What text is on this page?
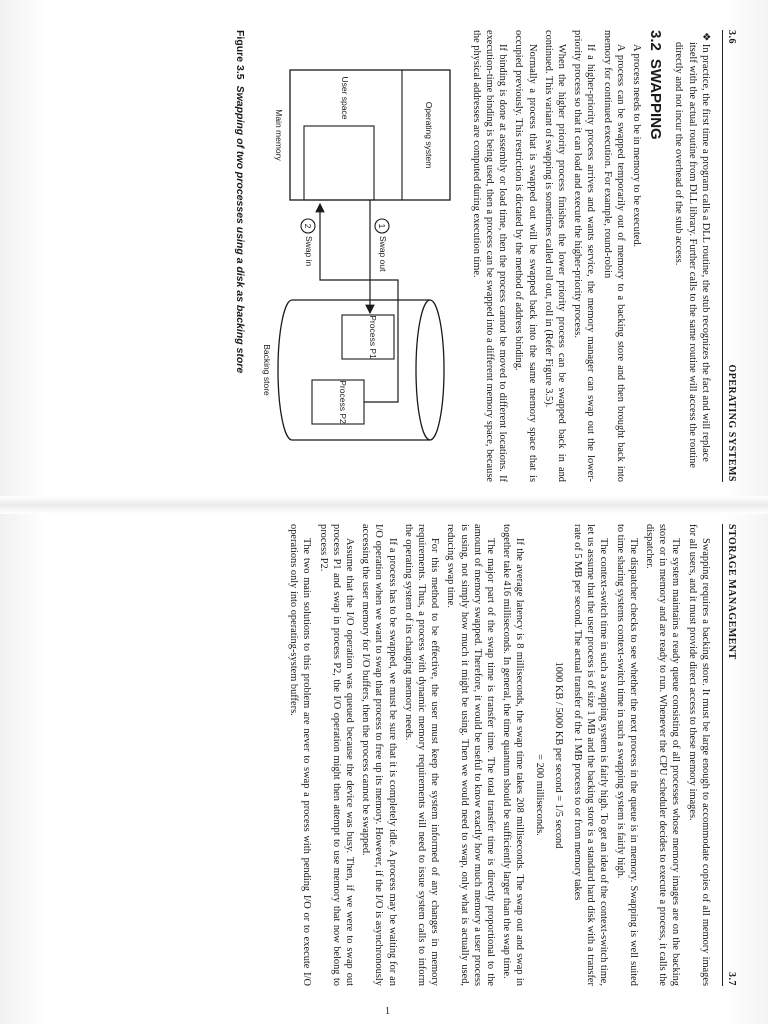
3.6
OPERATING SYSTEMS
❖ In practice, the first time a program calls a DLL routine, the stub recognizes the fact and will replace itself with the actual routine from DLL library. Further calls to the same routine will access the routine directly and not incur the overhead of the stub access.
3.2SWAPPING

A process needs to be in memory to be executed.

A process can be swapped temporarily out of memory to a backing store and then brought back into memory for continued execution. For example, round-robin

If a higher-priority process arrives and wants service, the memory manager can swap out the lower-priority process so that it can load and execute the higher-priority process.

When the higher priority process finishes the lower priority process can be swapped back in and continued. This variant of swapping is sometimes called roll out, roll in (Refer Figure 3.5).

Normally a process that is swapped out will be swapped back into the same memory space that is occupied previously. This restriction is dictated by the method of address binding.

If binding is done at assembly or load time, then the process cannot be moved to different locations. If execution-time binding is being used, then a process can be swapped into a different memory space, because the physical addresses are computed during execution time.

Operating system
User space
Process P1
Process P2
1
Swap out
2
Swap in
Main memory
Backing store
Figure 3.5Swapping of two processes using a disk as backing store
STORAGE MANAGEMENT
3.7

Swapping requires a backing store. It must be large enough to accommodate copies of all memory images for all users, and it must provide direct access to these memory images.

The system maintains a ready queue consisting of all processes whose memory images are on the backing store or in memory and are ready to run. Whenever the CPU scheduler decides to execute a process, it calls the dispatcher.

The dispatcher checks to see whether the next process in the queue is in memory. Swapping is well suited to time sharing systems context-switch time in such a swapping system is fairly high.

The context-switch time in such a swapping system is fairly high. To get an idea of the context-switch time, let us assume that the user process is of size 1 MB and the backing store is a standard hard disk with a transfer rate of 5 MB per second. The actual transfer of the 1 MB process to or from memory takes

1000 KB / 5000 KB per second = 1/5 second

= 200 milliseconds.

If the average latency is 8 milliseconds, the swap time takes 208 milliseconds. The swap out and swap in together take 416 milliseconds. In general, the time quantum should be sufficiently larger than the swap time.

The major part of the swap time is transfer time. The total transfer time is directly proportional to the amount of memory swapped. Therefore, it would be useful to know exactly how much memory a user process is using, not simply how much it might be using. Then we would need to swap, only what is actually used, reducing swap time.

For this method to be effective, the user must keep the system informed of any changes in memory requirements. Thus, a process with dynamic memory requirements will need to issue system calls to inform the operating system of its changing memory needs.

If a process has to be swapped, we must be sure that it is completely idle. A process may be waiting for an I/O operation when we want to swap that process to free up its memory. However, if the I/O is asynchronously accessing the user memory for I/O buffers, then the process cannot be swapped.

Assume that the I/O operation was queued because the device was busy. Then, if we were to swap out process P1 and swap in process P2, the I/O operation might then attempt to use memory that now belong to process P2.

The two main solutions to this problem are never to swap a process with pending I/O or to execute I/O operations only into operating-system buffers.

1
